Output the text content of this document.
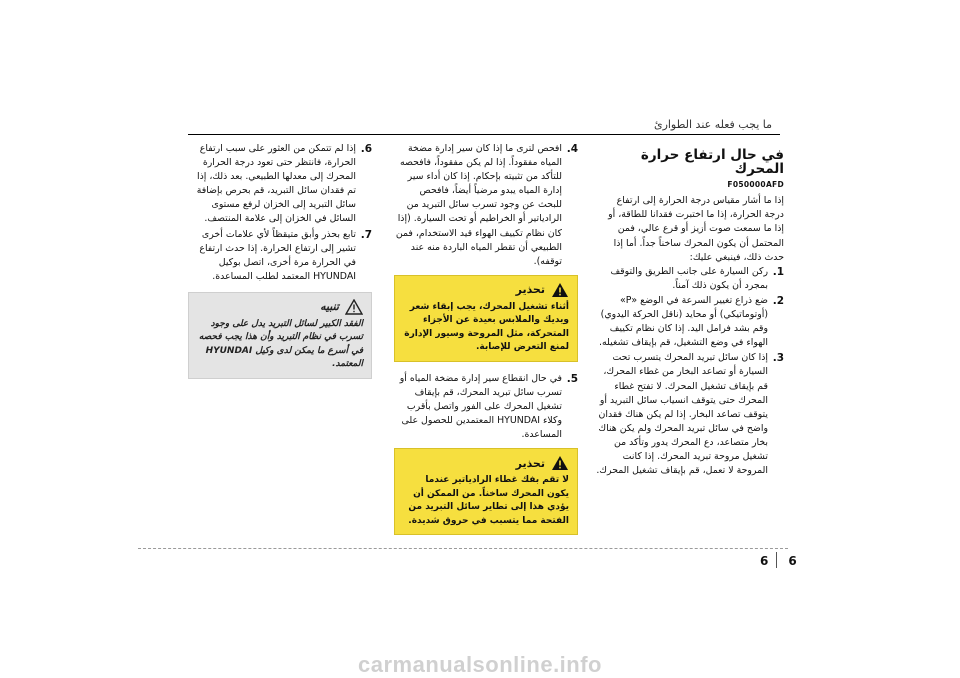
ما يجب فعله عند الطوارئ
في حال ارتفاع حرارة المحرك
F050000AFD

إذا ما أشار مقياس درجة الحرارة إلى ارتفاع درجة الحرارة، إذا ما اختبرت فقدانا للطاقة، أو إذا ما سمعت صوت أزيز أو قرع عالي، فمن المحتمل أن يكون المحرك ساخناً جداً. أما إذا حدث ذلك، فينبغي عليك:

1.
ركن السيارة على جانب الطريق والتوقف بمجرد أن يكون ذلك آمناً.
2.
ضع ذراع تغيير السرعة في الوضع «P» (أوتوماتيكي) أو محايد (ناقل الحركة اليدوي) وقم بشد فرامل اليد. إذا كان نظام تكييف الهواء في وضع التشغيل، قم بإيقاف تشغيله.
3.
إذا كان سائل تبريد المحرك يتسرب تحت السيارة أو تصاعد البخار من غطاء المحرك، قم بإيقاف تشغيل المحرك. لا تفتح غطاء المحرك حتى يتوقف انسياب سائل التبريد أو يتوقف تصاعد البخار. إذا لم يكن هناك فقدان واضح في سائل تبريد المحرك ولم يكن هناك بخار متصاعد، دع المحرك يدور وتأكد من تشغيل مروحة تبريد المحرك. إذا كانت المروحة لا تعمل، قم بإيقاف تشغيل المحرك.
4.
افحص لترى ما إذا كان سير إدارة مضخة المياه مفقوداً. إذا لم يكن مفقوداً، فافحصه للتأكد من تثبيته بإحكام. إذا كان أداء سير إدارة المياه يبدو مرضياً أيضاً، فافحص للبحث عن وجود تسرب سائل التبريد من الرادياتير أو الخراطيم أو تحت السيارة. (إذا كان نظام تكييف الهواء قيد الاستخدام، فمن الطبيعي أن تقطر المياه الباردة منه عند توقفه).
تحذير
أثناء تشغيل المحرك، يجب إبقاء شعر ويديك والملابس بعيدة عن الأجزاء المتحركة، مثل المروحة وسيور الإدارة لمنع التعرض للإصابة.
5.
في حال انقطاع سير إدارة مضخة المياه أو تسرب سائل تبريد المحرك، قم بإيقاف تشغيل المحرك على الفور واتصل بأقرب وكلاء HYUNDAI المعتمدين للحصول على المساعدة.
تحذير
لا تقم بفك غطاء الرادياتير عندما يكون المحرك ساخناً. من الممكن أن يؤدي هذا إلى تطاير سائل التبريد من الفتحة مما يتسبب في حروق شديدة.
6.
إذا لم تتمكن من العثور على سبب ارتفاع الحرارة، فانتظر حتى تعود درجة الحرارة المحرك إلى معدلها الطبيعي. بعد ذلك، إذا تم فقدان سائل التبريد، قم بحرص بإضافة سائل التبريد إلى الخزان لرفع مستوى السائل في الخزان إلى علامة المنتصف.
7.
تابع بحذر وأبق متيقظاً لأي علامات أخرى تشير إلى ارتفاع الحرارة. إذا حدث ارتفاع في الحرارة مرة أخرى، اتصل بوكيل HYUNDAI المعتمد لطلب المساعدة.
تنبيه
الفقد الكبير لسائل التبريد يدل على وجود تسرب في نظام التبريد وأن هذا يجب فحصه في أسرع ما يمكن لدى وكيل HYUNDAI المعتمد.
6 6
carmanualsonline.info
